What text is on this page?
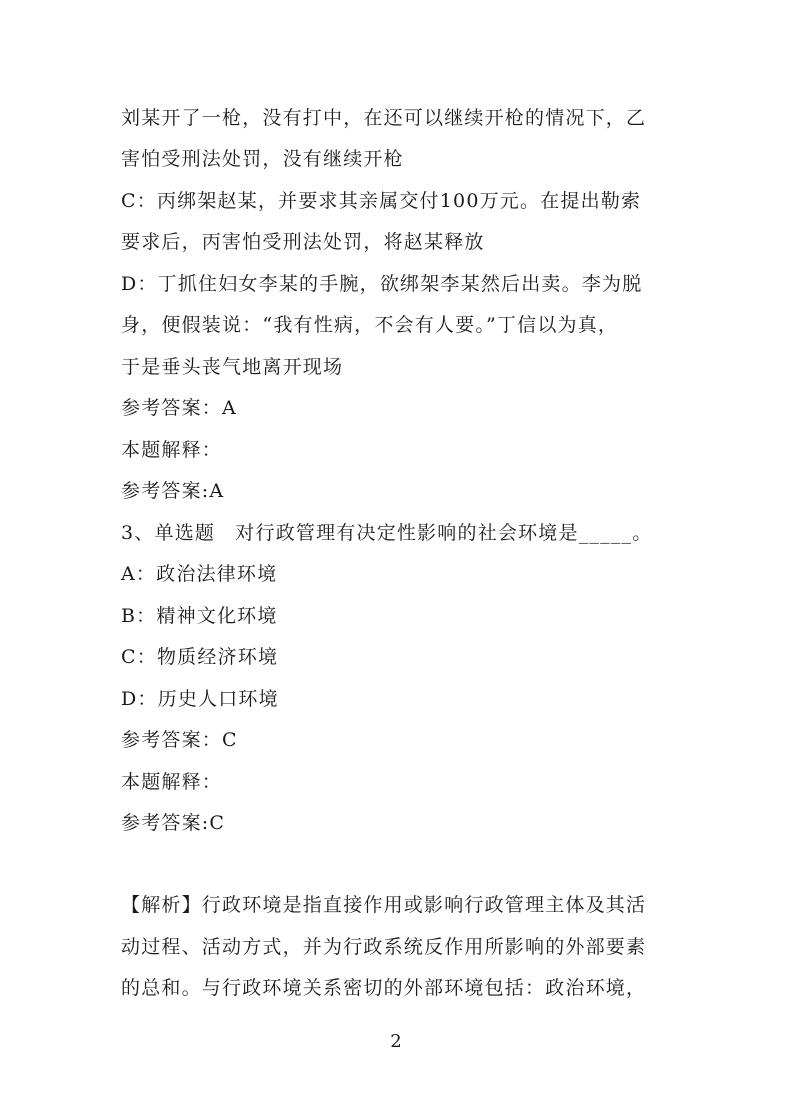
刘某开了一枪，没有打中，在还可以继续开枪的情况下，乙
害怕受刑法处罚，没有继续开枪
C：丙绑架赵某，并要求其亲属交付100万元。在提出勒索
要求后，丙害怕受刑法处罚，将赵某释放
D：丁抓住妇女李某的手腕，欲绑架李某然后出卖。李为脱
身，便假装说：“我有性病，不会有人要。”丁信以为真，
于是垂头丧气地离开现场
参考答案：A
本题解释：
参考答案:A
3、单选题　对行政管理有决定性影响的社会环境是_____。
A：政治法律环境
B：精神文化环境
C：物质经济环境
D：历史人口环境
参考答案：C
本题解释：
参考答案:C
【解析】行政环境是指直接作用或影响行政管理主体及其活
动过程、活动方式，并为行政系统反作用所影响的外部要素
的总和。与行政环境关系密切的外部环境包括：政治环境，
2
